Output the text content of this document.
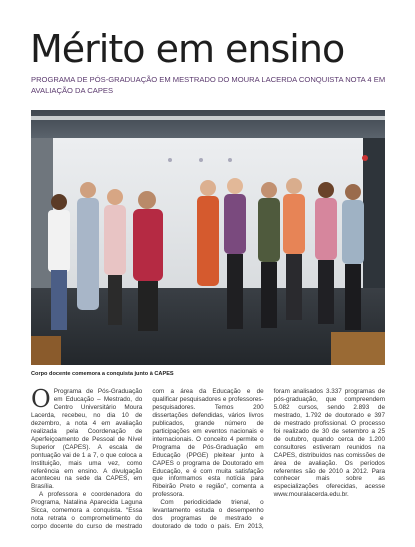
Mérito em ensino

PROGRAMA DE PÓS-GRADUAÇÃO EM MESTRADO DO MOURA LACERDA CONQUISTA NOTA 4 EM AVALIAÇÃO DA CAPES

Corpo docente comemora a conquista junto à CAPES

O Programa de Pós-Graduação em Educação – Mestrado, do Centro Universitário Moura Lacerda, recebeu, no dia 10 de dezembro, a nota 4 em avaliação realizada pela Coordenação de Aperfeiçoamento de Pessoal de Nível Superior (CAPES). A escala de pontuação vai de 1 a 7, o que coloca a Instituição, mais uma vez, como referência em ensino. A divulgação aconteceu na sede da CAPES, em Brasília.

A professora e coordenadora do Programa, Natalina Aparecida Laguna Sicca, comemora a conquista. “Essa nota retrata o comprometimento do corpo docente do curso de mestrado com a área da Educação e de qualificar pesquisadores e professores-pesquisadores. Temos 200 dissertações defendidas, vários livros publicados, grande número de participações em eventos nacionais e internacionais. O conceito 4 permite o Programa de Pós-Graduação em Educação (PPGE) pleitear junto à CAPES o programa de Doutorado em Educação, e é com muita satisfação que informamos esta notícia para Ribeirão Preto e região”, comenta a professora.

Com periodicidade trienal, o levantamento estuda o desempenho dos programas de mestrado e doutorado de todo o país. Em 2013, foram analisados 3.337 programas de pós-graduação, que compreendem 5.082 cursos, sendo 2.893 de mestrado, 1.792 de doutorado e 397 de mestrado profissional. O processo foi realizado de 30 de setembro a 25 de outubro, quando cerca de 1.200 consultores estiveram reunidos na CAPES, distribuídos nas comissões de área de avaliação. Os períodos referentes são de 2010 a 2012. Para conhecer mais sobre as especializações oferecidas, acesse www.mouralacerda.edu.br.
